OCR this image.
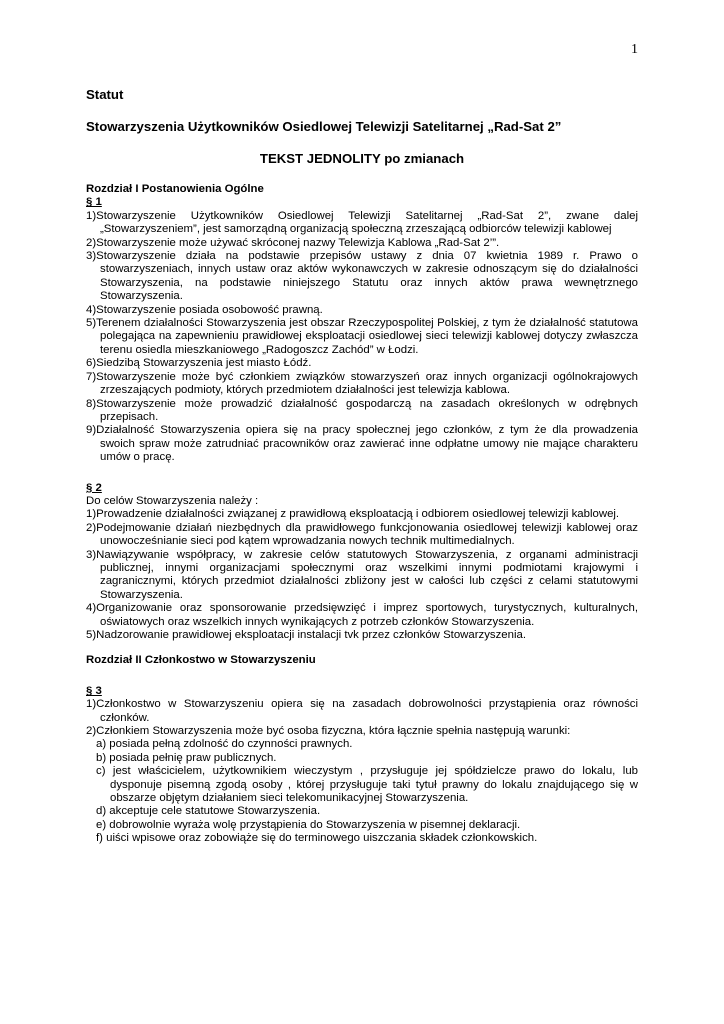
1
Statut
Stowarzyszenia Użytkowników Osiedlowej Telewizji Satelitarnej „Rad-Sat 2”
TEKST JEDNOLITY po zmianach
Rozdział I Postanowienia Ogólne
§ 1
1)Stowarzyszenie Użytkowników Osiedlowej Telewizji Satelitarnej „Rad-Sat 2”, zwane dalej „Stowarzyszeniem”, jest samorządną organizacją społeczną zrzeszającą odbiorców telewizji kablowej
2)Stowarzyszenie może używać skróconej nazwy Telewizja Kablowa „Rad-Sat 2’”.
3)Stowarzyszenie działa na podstawie przepisów ustawy z dnia 07 kwietnia 1989 r. Prawo o stowarzyszeniach, innych ustaw oraz aktów wykonawczych w zakresie odnoszącym się do działalności Stowarzyszenia, na podstawie niniejszego Statutu oraz innych aktów prawa wewnętrznego Stowarzyszenia.
4)Stowarzyszenie posiada osobowość prawną.
5)Terenem działalności Stowarzyszenia jest obszar Rzeczypospolitej Polskiej, z tym że działalność statutowa polegająca na zapewnieniu prawidłowej eksploatacji osiedlowej sieci telewizji kablowej dotyczy zwłaszcza terenu osiedla mieszkaniowego „Radogoszcz Zachód” w Łodzi.
6)Siedzibą Stowarzyszenia jest miasto Łódź.
7)Stowarzyszenie może być członkiem związków stowarzyszeń oraz innych organizacji ogólnokrajowych zrzeszających podmioty, których przedmiotem działalności jest telewizja kablowa.
8)Stowarzyszenie może prowadzić działalność gospodarczą na zasadach określonych w odrębnych przepisach.
9)Działalność Stowarzyszenia opiera się na pracy społecznej jego członków, z tym że dla prowadzenia swoich spraw może zatrudniać pracowników oraz zawierać inne odpłatne umowy nie mające charakteru umów o pracę.
§ 2
Do celów Stowarzyszenia należy :
1)Prowadzenie działalności związanej z prawidłową eksploatacją i odbiorem osiedlowej telewizji kablowej.
2)Podejmowanie działań niezbędnych dla prawidłowego funkcjonowania osiedlowej telewizji kablowej oraz unowocześnianie sieci pod kątem wprowadzania nowych technik multimedialnych.
3)Nawiązywanie współpracy, w zakresie celów statutowych Stowarzyszenia, z organami administracji publicznej, innymi organizacjami społecznymi oraz wszelkimi innymi podmiotami krajowymi i zagranicznymi, których przedmiot działalności zbliżony jest w całości lub części z celami statutowymi Stowarzyszenia.
4)Organizowanie oraz sponsorowanie przedsięwzięć i imprez sportowych, turystycznych, kulturalnych, oświatowych oraz wszelkich innych wynikających z potrzeb członków Stowarzyszenia.
5)Nadzorowanie prawidłowej eksploatacji instalacji tvk przez członków Stowarzyszenia.
Rozdział II Członkostwo w Stowarzyszeniu
§ 3
1)Członkostwo w Stowarzyszeniu opiera się na zasadach dobrowolności przystąpienia oraz równości członków.
2)Członkiem Stowarzyszenia może być osoba fizyczna, która łącznie spełnia następują warunki:
a) posiada pełną zdolność do czynności prawnych.
b) posiada pełnię praw publicznych.
c) jest właścicielem, użytkownikiem wieczystym , przysługuje jej spółdzielcze prawo do lokalu, lub dysponuje pisemną zgodą osoby , której przysługuje taki tytuł prawny do lokalu znajdującego się w obszarze objętym działaniem sieci telekomunikacyjnej Stowarzyszenia.
d) akceptuje cele statutowe Stowarzyszenia.
e) dobrowolnie wyraża wolę przystąpienia do Stowarzyszenia w pisemnej deklaracji.
f) uiści wpisowe oraz zobowiąże się do terminowego uiszczania składek członkowskich.
